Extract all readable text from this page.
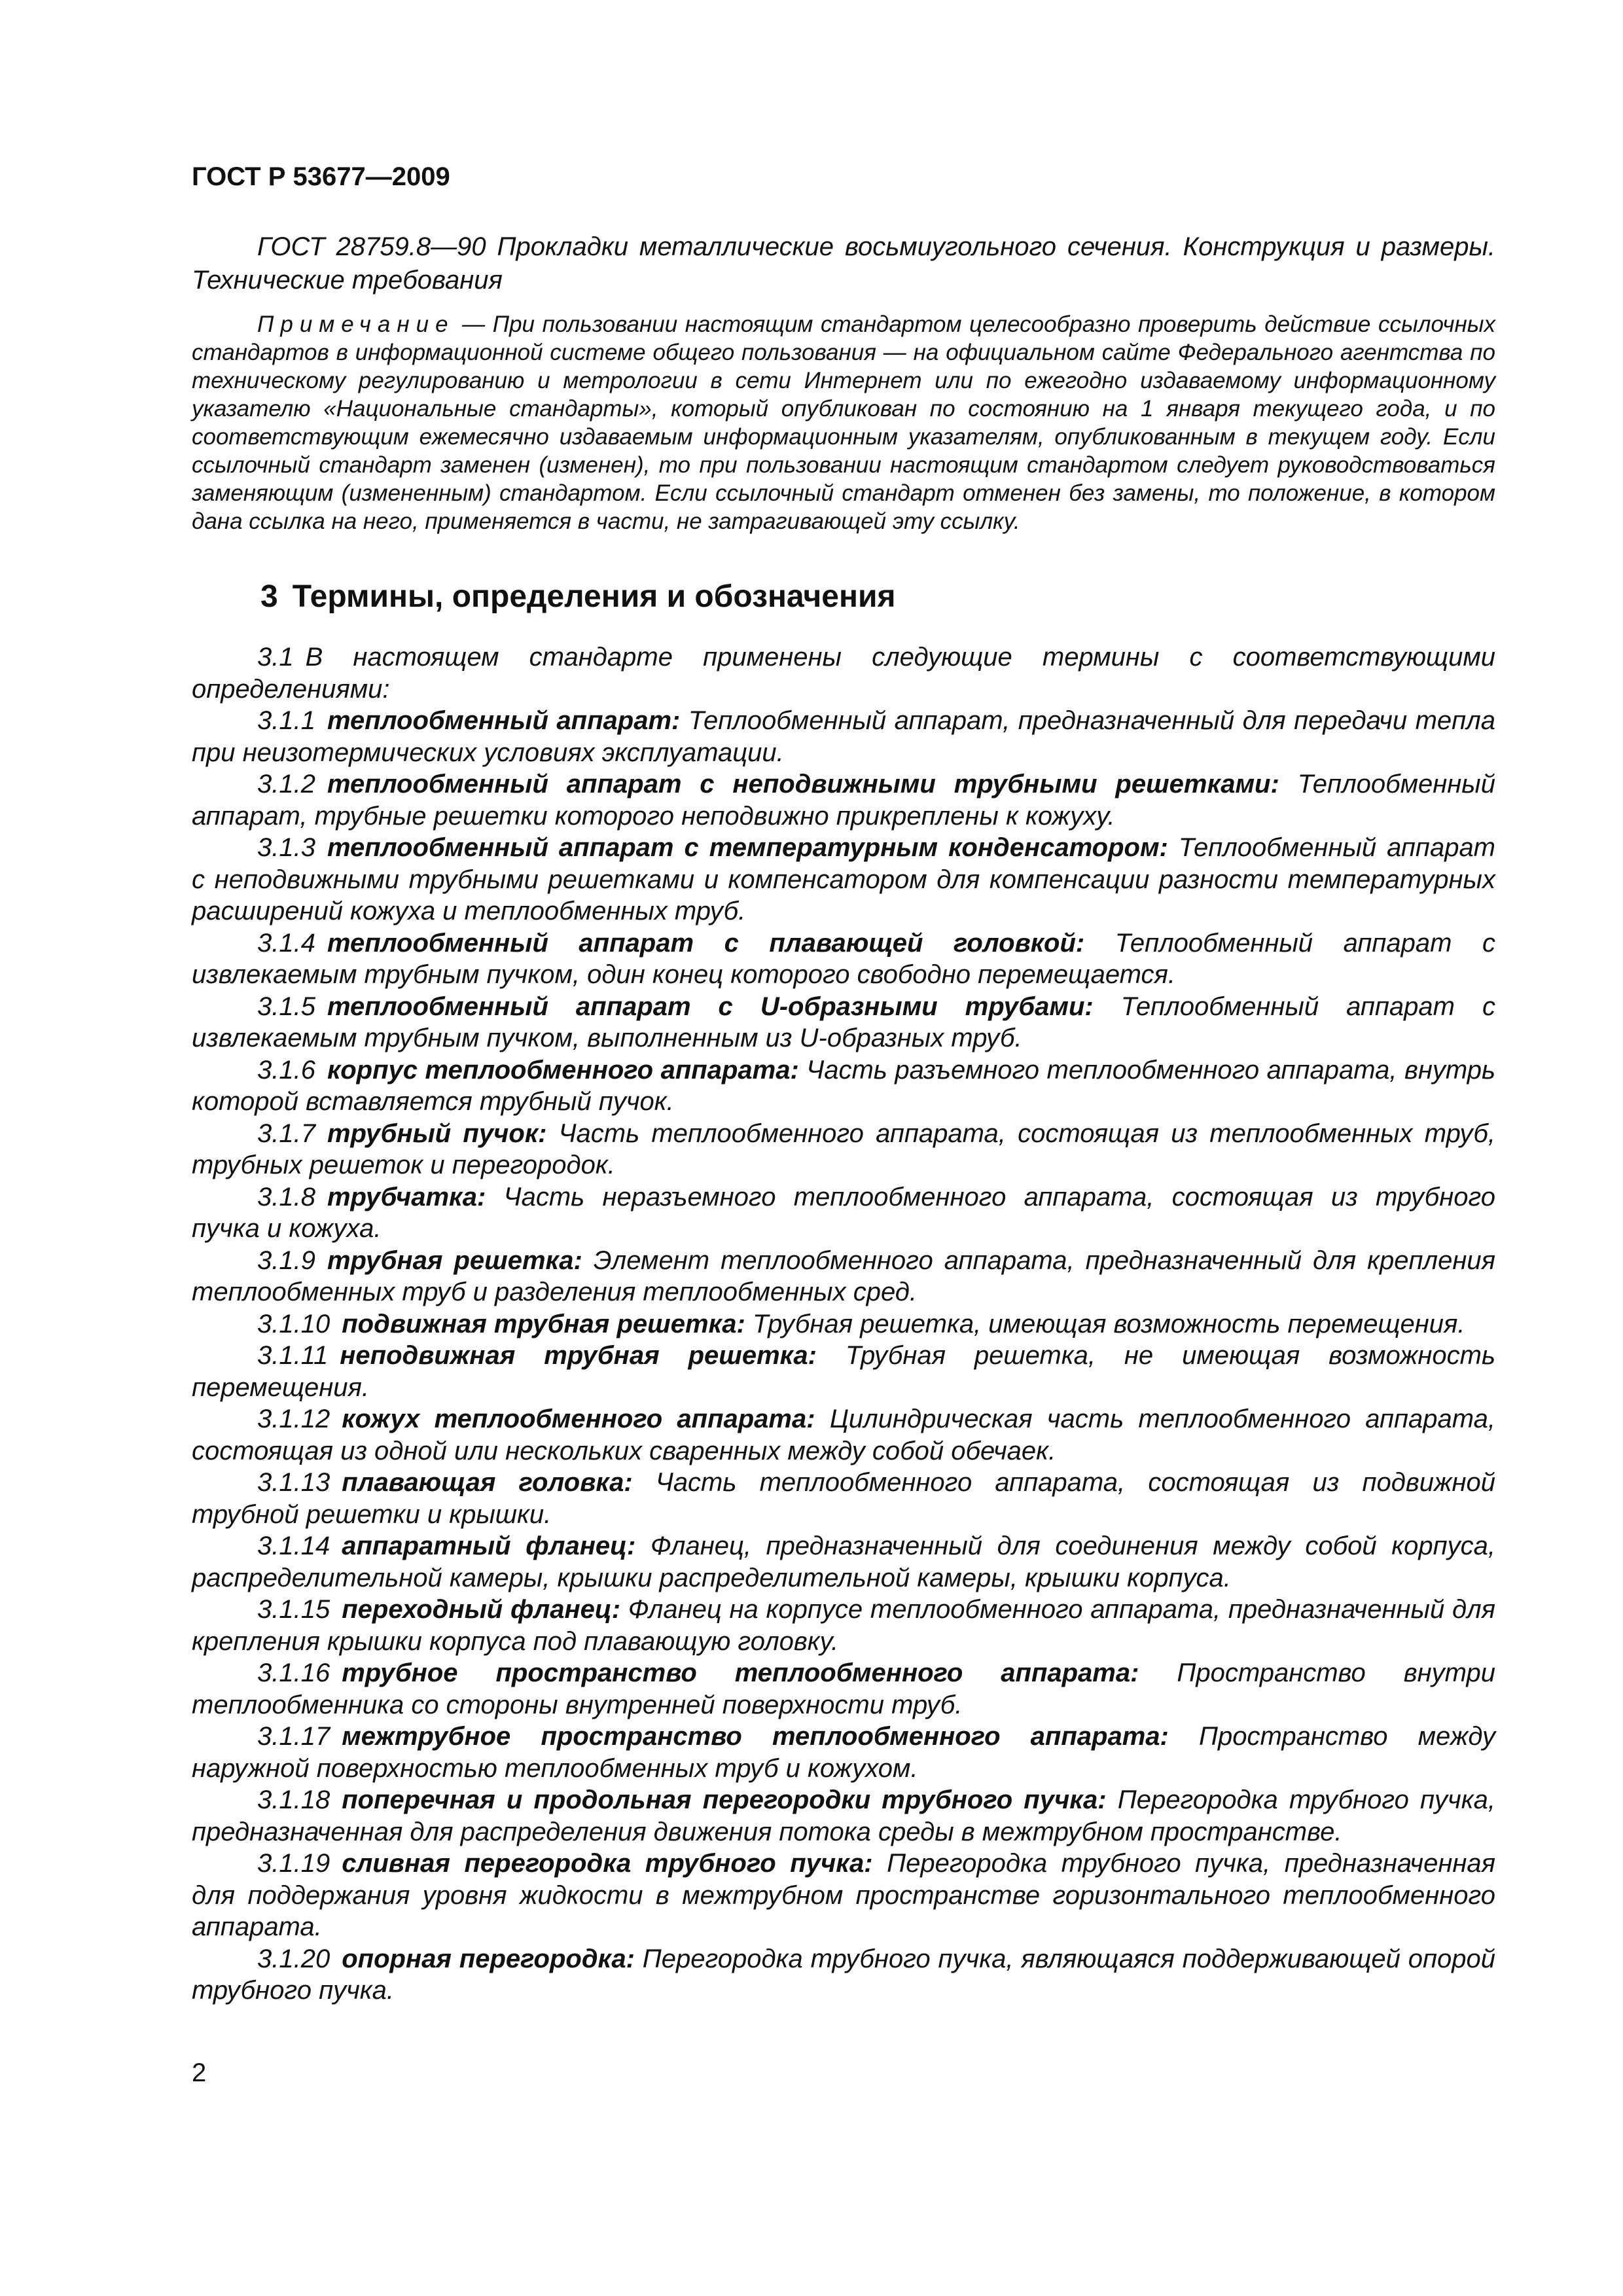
ГОСТ Р 53677—2009

ГОСТ 28759.8—90 Прокладки металлические восьмиугольного сечения. Конструкция и размеры. Технические требования

Примечание — При пользовании настоящим стандартом целесообразно проверить действие ссылочных стандартов в информационной системе общего пользования — на официальном сайте Федерального агентства по техническому регулированию и метрологии в сети Интернет или по ежегодно издаваемому информационному указателю «Национальные стандарты», который опубликован по состоянию на 1 января текущего года, и по соответствующим ежемесячно издаваемым информационным указателям, опубликованным в текущем году. Если ссылочный стандарт заменен (изменен), то при пользовании настоящим стандартом следует руководствоваться заменяющим (измененным) стандартом. Если ссылочный стандарт отменен без замены, то положение, в котором дана ссылка на него, применяется в части, не затрагивающей эту ссылку.

3 Термины, определения и обозначения

3.1 В настоящем стандарте применены следующие термины с соответствующими определениями:

3.1.1 теплообменный аппарат: Теплообменный аппарат, предназначенный для передачи тепла при неизотермических условиях эксплуатации.

3.1.2 теплообменный аппарат с неподвижными трубными решетками: Теплообменный аппарат, трубные решетки которого неподвижно прикреплены к кожуху.

3.1.3 теплообменный аппарат с температурным конденсатором: Теплообменный аппарат с неподвижными трубными решетками и компенсатором для компенсации разности температурных расширений кожуха и теплообменных труб.

3.1.4 теплообменный аппарат с плавающей головкой: Теплообменный аппарат с извлекаемым трубным пучком, один конец которого свободно перемещается.

3.1.5 теплообменный аппарат с U-образными трубами: Теплообменный аппарат с извлекаемым трубным пучком, выполненным из U-образных труб.

3.1.6 корпус теплообменного аппарата: Часть разъемного теплообменного аппарата, внутрь которой вставляется трубный пучок.

3.1.7 трубный пучок: Часть теплообменного аппарата, состоящая из теплообменных труб, трубных решеток и перегородок.

3.1.8 трубчатка: Часть неразъемного теплообменного аппарата, состоящая из трубного пучка и кожуха.

3.1.9 трубная решетка: Элемент теплообменного аппарата, предназначенный для крепления теплообменных труб и разделения теплообменных сред.

3.1.10 подвижная трубная решетка: Трубная решетка, имеющая возможность перемещения.

3.1.11 неподвижная трубная решетка: Трубная решетка, не имеющая возможность перемещения.

3.1.12 кожух теплообменного аппарата: Цилиндрическая часть теплообменного аппарата, состоящая из одной или нескольких сваренных между собой обечаек.

3.1.13 плавающая головка: Часть теплообменного аппарата, состоящая из подвижной трубной решетки и крышки.

3.1.14 аппаратный фланец: Фланец, предназначенный для соединения между собой корпуса, распределительной камеры, крышки распределительной камеры, крышки корпуса.

3.1.15 переходный фланец: Фланец на корпусе теплообменного аппарата, предназначенный для крепления крышки корпуса под плавающую головку.

3.1.16 трубное пространство теплообменного аппарата: Пространство внутри теплообменника со стороны внутренней поверхности труб.

3.1.17 межтрубное пространство теплообменного аппарата: Пространство между наружной поверхностью теплообменных труб и кожухом.

3.1.18 поперечная и продольная перегородки трубного пучка: Перегородка трубного пучка, предназначенная для распределения движения потока среды в межтрубном пространстве.

3.1.19 сливная перегородка трубного пучка: Перегородка трубного пучка, предназначенная для поддержания уровня жидкости в межтрубном пространстве горизонтального теплообменного аппарата.

3.1.20 опорная перегородка: Перегородка трубного пучка, являющаяся поддерживающей опорой трубного пучка.

2
